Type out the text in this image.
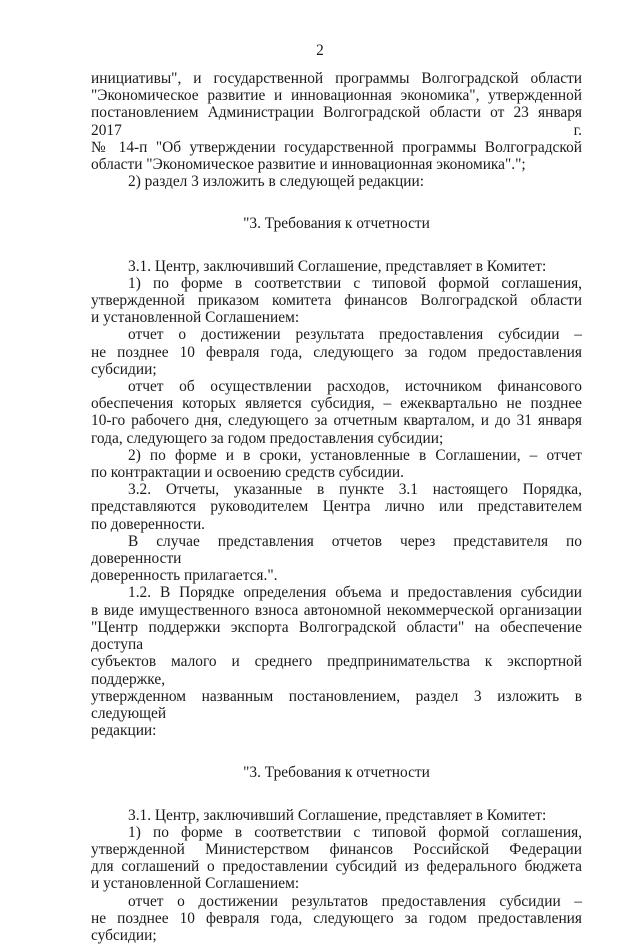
2

инициативы", и государственной программы Волгоградской области

"Экономическое развитие и инновационная экономика", утвержденной

постановлением Администрации Волгоградской области от 23 января 2017 г.

№ 14-п "Об утверждении государственной программы Волгоградской

области "Экономическое развитие и инновационная экономика".";

2) раздел 3 изложить в следующей редакции:

"3. Требования к отчетности

3.1. Центр, заключивший Соглашение, представляет в Комитет:

1) по форме в соответствии с типовой формой соглашения,

утвержденной приказом комитета финансов Волгоградской области

и установленной Соглашением:

отчет о достижении результата предоставления субсидии –

не позднее 10 февраля года, следующего за годом предоставления

субсидии;

отчет об осуществлении расходов, источником финансового

обеспечения которых является субсидия, – ежеквартально не позднее

10-го рабочего дня, следующего за отчетным кварталом, и до 31 января

года, следующего за годом предоставления субсидии;

2) по форме и в сроки, установленные в Соглашении, – отчет

по контрактации и освоению средств субсидии.

3.2. Отчеты, указанные в пункте 3.1 настоящего Порядка,

представляются руководителем Центра лично или представителем

по доверенности.

В случае представления отчетов через представителя по доверенности

доверенность прилагается.".

1.2. В Порядке определения объема и предоставления субсидии

в виде имущественного взноса автономной некоммерческой организации

"Центр поддержки экспорта Волгоградской области" на обеспечение доступа

субъектов малого и среднего предпринимательства к экспортной поддержке,

утвержденном названным постановлением, раздел 3 изложить в следующей

редакции:

"3. Требования к отчетности

3.1. Центр, заключивший Соглашение, представляет в Комитет:

1) по форме в соответствии с типовой формой соглашения,

утвержденной Министерством финансов Российской Федерации

для соглашений о предоставлении субсидий из федерального бюджета

и установленной Соглашением:

отчет о достижении результатов предоставления субсидии –

не позднее 10 февраля года, следующего за годом предоставления

субсидии;
